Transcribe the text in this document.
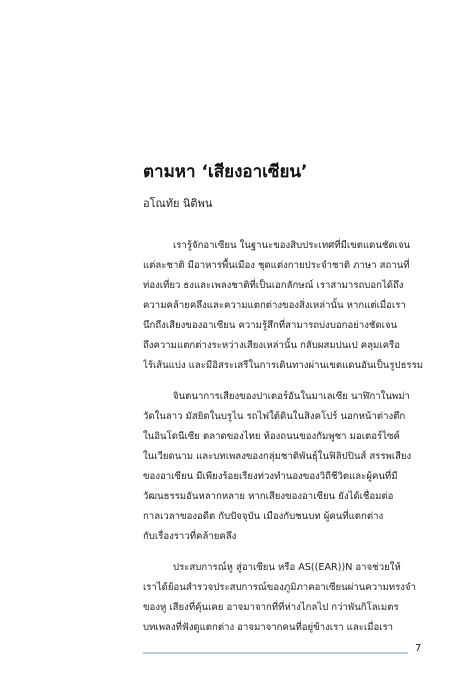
ตามหา ‘เสียงอาเซียน’
อโณทัย นิติพน
เรารู้จักอาเซียน ในฐานะของสิบประเทศที่มีเขตแดนชัดเจน
แต่ละชาติ มีอาหารพื้นเมือง ชุดแต่งกายประจำชาติ ภาษา สถานที่
ท่องเที่ยว ธงและเพลงชาติที่เป็นเอกลักษณ์ เราสามารถบอกได้ถึง
ความคล้ายคลึงและความแตกต่างของสิ่งเหล่านั้น หากแต่เมื่อเรา
นึกถึงเสียงของอาเซียน ความรู้สึกที่สามารถบ่งบอกอย่างชัดเจน
ถึงความแตกต่างระหว่างเสียงเหล่านั้น กลับผสมปนเป คลุมเครือ
ไร้เส้นแบ่ง และมีอิสระเสรีในการเดินทางผ่านเขตแดนอันเป็นรูปธรรม
จินตนาการเสียงของปาเตอร์อันในมาเลเซีย นาฬิกาในพม่า
วัดในลาว มัสยิดในบรูไน รถไฟใต้ดินในสิงคโปร์ นอกหน้าต่างตึก
ในอินโดนีเซีย ตลาดของไทย ท้องถนนของกัมพูชา มอเตอร์ไซค์
ในเวียดนาม และบทเพลงของกลุ่มชาติพันธุ์ในฟิลิปปินส์ สรรพเสียง
ของอาเซียน มีเพียงร้อยเรียงท่วงทำนองของวิถีชีวิตและผู้คนที่มี
วัฒนธรรมอันหลากหลาย หากเสียงของอาเซียน ยังได้เชื่อมต่อ
กาลเวลาของอดีต กับปัจจุบัน เมืองกับชนบท ผู้คนที่แตกต่าง
กับเรื่องราวที่คล้ายคลึง
ประสบการณ์หู สู่อาเซียน หรือ AS((EAR))N อาจช่วยให้
เราได้ย้อนสำรวจประสบการณ์ของภูมิภาคอาเซียนผ่านความทรงจำ
ของหู เสียงที่คุ้นเคย อาจมาจากที่ที่ห่างไกลไป กว่าพันกิโลเมตร
บทเพลงที่ฟังดูแตกต่าง อาจมาจากคนที่อยู่ข้างเรา และเมื่อเรา
7
